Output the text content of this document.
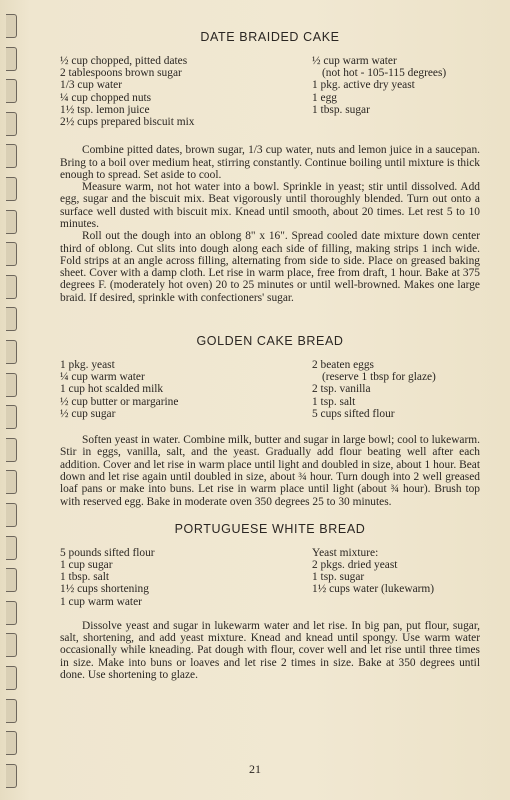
DATE BRAIDED CAKE
½ cup chopped, pitted dates
2 tablespoons brown sugar
1/3 cup water
¼ cup chopped nuts
1½ tsp. lemon juice
2½ cups prepared biscuit mix
½ cup warm water
(not hot - 105-115 degrees)
1 pkg. active dry yeast
1 egg
1 tbsp. sugar

Combine pitted dates, brown sugar, 1/3 cup water, nuts and lemon juice in a saucepan. Bring to a boil over medium heat, stirring constantly. Continue boiling until mixture is thick enough to spread. Set aside to cool.

Measure warm, not hot water into a bowl. Sprinkle in yeast; stir until dissolved. Add egg, sugar and the biscuit mix. Beat vigorously until thoroughly blended. Turn out onto a surface well dusted with biscuit mix. Knead until smooth, about 20 times. Let rest 5 to 10 minutes.

Roll out the dough into an oblong 8" x 16". Spread cooled date mixture down center third of oblong. Cut slits into dough along each side of filling, making strips 1 inch wide. Fold strips at an angle across filling, alternating from side to side. Place on greased baking sheet. Cover with a damp cloth. Let rise in warm place, free from draft, 1 hour. Bake at 375 degrees F. (moderately hot oven) 20 to 25 minutes or until well-browned. Makes one large braid. If desired, sprinkle with confectioners' sugar.

GOLDEN CAKE BREAD
1 pkg. yeast
¼ cup warm water
1 cup hot scalded milk
½ cup butter or margarine
½ cup sugar
2 beaten eggs
(reserve 1 tbsp for glaze)
2 tsp. vanilla
1 tsp. salt
5 cups sifted flour

Soften yeast in water. Combine milk, butter and sugar in large bowl; cool to lukewarm. Stir in eggs, vanilla, salt, and the yeast. Gradually add flour beating well after each addition. Cover and let rise in warm place until light and doubled in size, about 1 hour. Beat down and let rise again until doubled in size, about ¾ hour. Turn dough into 2 well greased loaf pans or make into buns. Let rise in warm place until light (about ¾ hour). Brush top with reserved egg. Bake in moderate oven 350 degrees 25 to 30 minutes.

PORTUGUESE WHITE BREAD
5 pounds sifted flour
1 cup sugar
1 tbsp. salt
1½ cups shortening
1 cup warm water
Yeast mixture:
2 pkgs. dried yeast
1 tsp. sugar
1½ cups water (lukewarm)

Dissolve yeast and sugar in lukewarm water and let rise. In big pan, put flour, sugar, salt, shortening, and add yeast mixture. Knead and knead until spongy. Use warm water occasionally while kneading. Pat dough with flour, cover well and let rise until three times in size. Make into buns or loaves and let rise 2 times in size. Bake at 350 degrees until done. Use shortening to glaze.

21
